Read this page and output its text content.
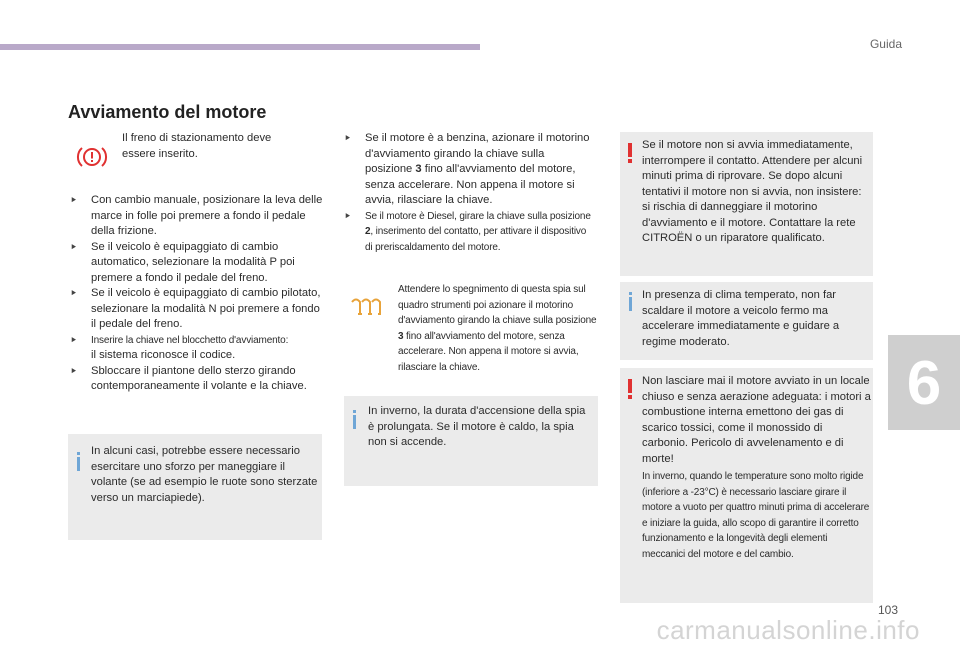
Guida
Avviamento del motore

Il freno di stazionamento deve essere inserito.

⯈ Con cambio manuale, posizionare la leva delle marce in folle poi premere a fondo il pedale della frizione.
⯈ Se il veicolo è equipaggiato di cambio automatico, selezionare la modalità P poi premere a fondo il pedale del freno.
⯈ Se il veicolo è equipaggiato di cambio pilotato, selezionare la modalità N poi premere a fondo il pedale del freno.
⯈ Inserire la chiave nel blocchetto d'avviamento:
il sistema riconosce il codice.
⯈ Sbloccare il piantone dello sterzo girando contemporaneamente il volante e la chiave.

In alcuni casi, potrebbe essere necessario esercitare uno sforzo per maneggiare il volante (se ad esempio le ruote sono sterzate verso un marciapiede).

⯈ Se il motore è a benzina, azionare il motorino d'avviamento girando la chiave sulla posizione 3 fino all'avviamento del motore, senza accelerare. Non appena il motore si avvia, rilasciare la chiave.
⯈ Se il motore è Diesel, girare la chiave sulla posizione 2, inserimento del contatto, per attivare il dispositivo di preriscaldamento del motore.

Attendere lo spegnimento di questa spia sul quadro strumenti poi azionare il motorino d'avviamento girando la chiave sulla posizione 3 fino all'avviamento del motore, senza accelerare. Non appena il motore si avvia, rilasciare la chiave.

In inverno, la durata d'accensione della spia è prolungata. Se il motore è caldo, la spia non si accende.

Se il motore non si avvia immediatamente, interrompere il contatto. Attendere per alcuni minuti prima di riprovare. Se dopo alcuni tentativi il motore non si avvia, non insistere: si rischia di danneggiare il motorino d'avviamento e il motore. Contattare la rete CITROËN o un riparatore qualificato.

In presenza di clima temperato, non far scaldare il motore a veicolo fermo ma accelerare immediatamente e guidare a regime moderato.

Non lasciare mai il motore avviato in un locale chiuso e senza aerazione adeguata: i motori a combustione interna emettono dei gas di scarico tossici, come il monossido di carbonio. Pericolo di avvelenamento e di morte!

In inverno, quando le temperature sono molto rigide (inferiore a -23°C) è necessario lasciare girare il motore a vuoto per quattro minuti prima di accelerare e iniziare la guida, allo scopo di garantire il corretto funzionamento e la longevità degli elementi meccanici del motore e del cambio.

6
103
carmanualsonline.info
